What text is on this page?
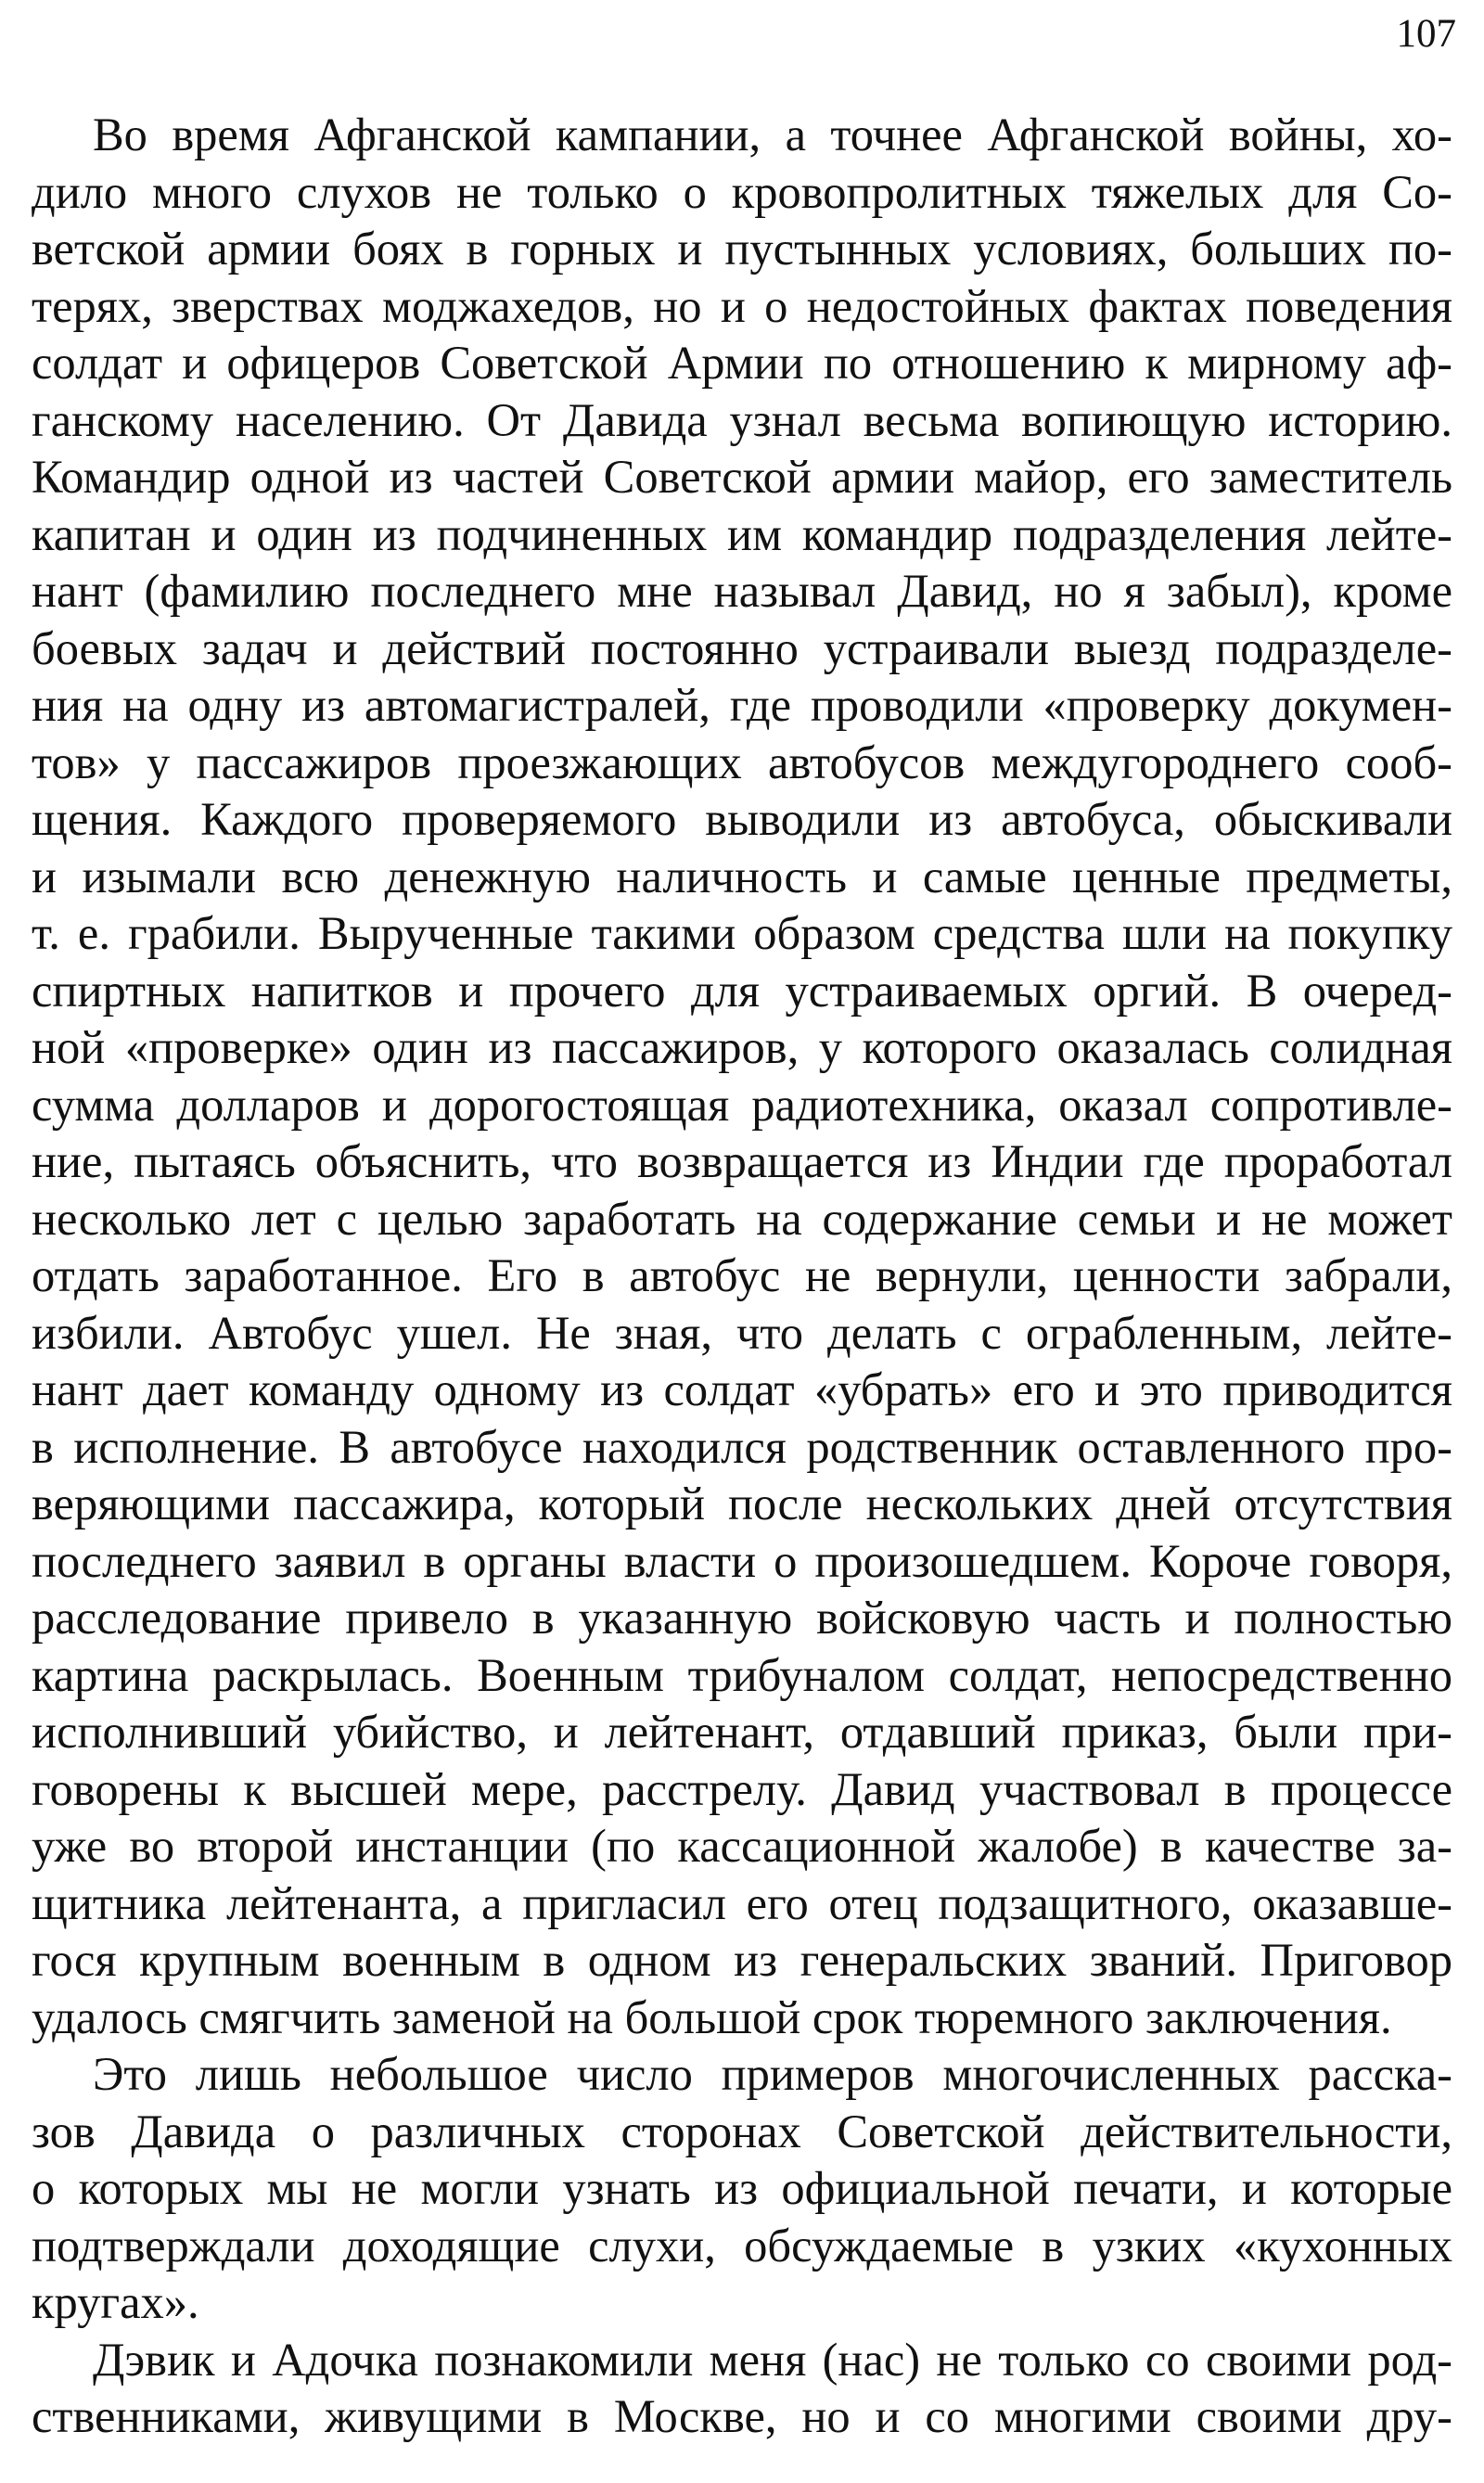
107
Во время Афганской кампании, а точнее Афганской войны, хо-
дило много слухов не только о кровопролитных тяжелых для Со-
ветской армии боях в горных и пустынных условиях, больших по-
терях, зверствах моджахедов, но и о недостойных фактах поведения
солдат и офицеров Советской Армии по отношению к мирному аф-
ганскому населению. От Давида узнал весьма вопиющую историю.
Командир одной из частей Советской армии майор, его заместитель
капитан и один из подчиненных им командир подразделения лейте-
нант (фамилию последнего мне называл Давид, но я забыл), кроме
боевых задач и действий постоянно устраивали выезд подразделе-
ния на одну из автомагистралей, где проводили «проверку докумен-
тов» у пассажиров проезжающих автобусов междугороднего сооб-
щения. Каждого проверяемого выводили из автобуса, обыскивали
и изымали всю денежную наличность и самые ценные предметы,
т. е. грабили. Вырученные такими образом средства шли на покупку
спиртных напитков и прочего для устраиваемых оргий. В очеред-
ной «проверке» один из пассажиров, у которого оказалась солидная
сумма долларов и дорогостоящая радиотехника, оказал сопротивле-
ние, пытаясь объяснить, что возвращается из Индии где проработал
несколько лет с целью заработать на содержание семьи и не может
отдать заработанное. Его в автобус не вернули, ценности забрали,
избили. Автобус ушел. Не зная, что делать с ограбленным, лейте-
нант дает команду одному из солдат «убрать» его и это приводится
в исполнение. В автобусе находился родственник оставленного про-
веряющими пассажира, который после нескольких дней отсутствия
последнего заявил в органы власти о произошедшем. Короче говоря,
расследование привело в указанную войсковую часть и полностью
картина раскрылась. Военным трибуналом солдат, непосредственно
исполнивший убийство, и лейтенант, отдавший приказ, были при-
говорены к высшей мере, расстрелу. Давид участвовал в процессе
уже во второй инстанции (по кассационной жалобе) в качестве за-
щитника лейтенанта, а пригласил его отец подзащитного, оказавше-
гося крупным военным в одном из генеральских званий. Приговор
удалось смягчить заменой на большой срок тюремного заключения.
Это лишь небольшое число примеров многочисленных расска-
зов Давида о различных сторонах Советской действительности,
о которых мы не могли узнать из официальной печати, и которые
подтверждали доходящие слухи, обсуждаемые в узких «кухонных
кругах».
Дэвик и Адочка познакомили меня (нас) не только со своими род-
ственниками, живущими в Москве, но и со многими своими дру-
